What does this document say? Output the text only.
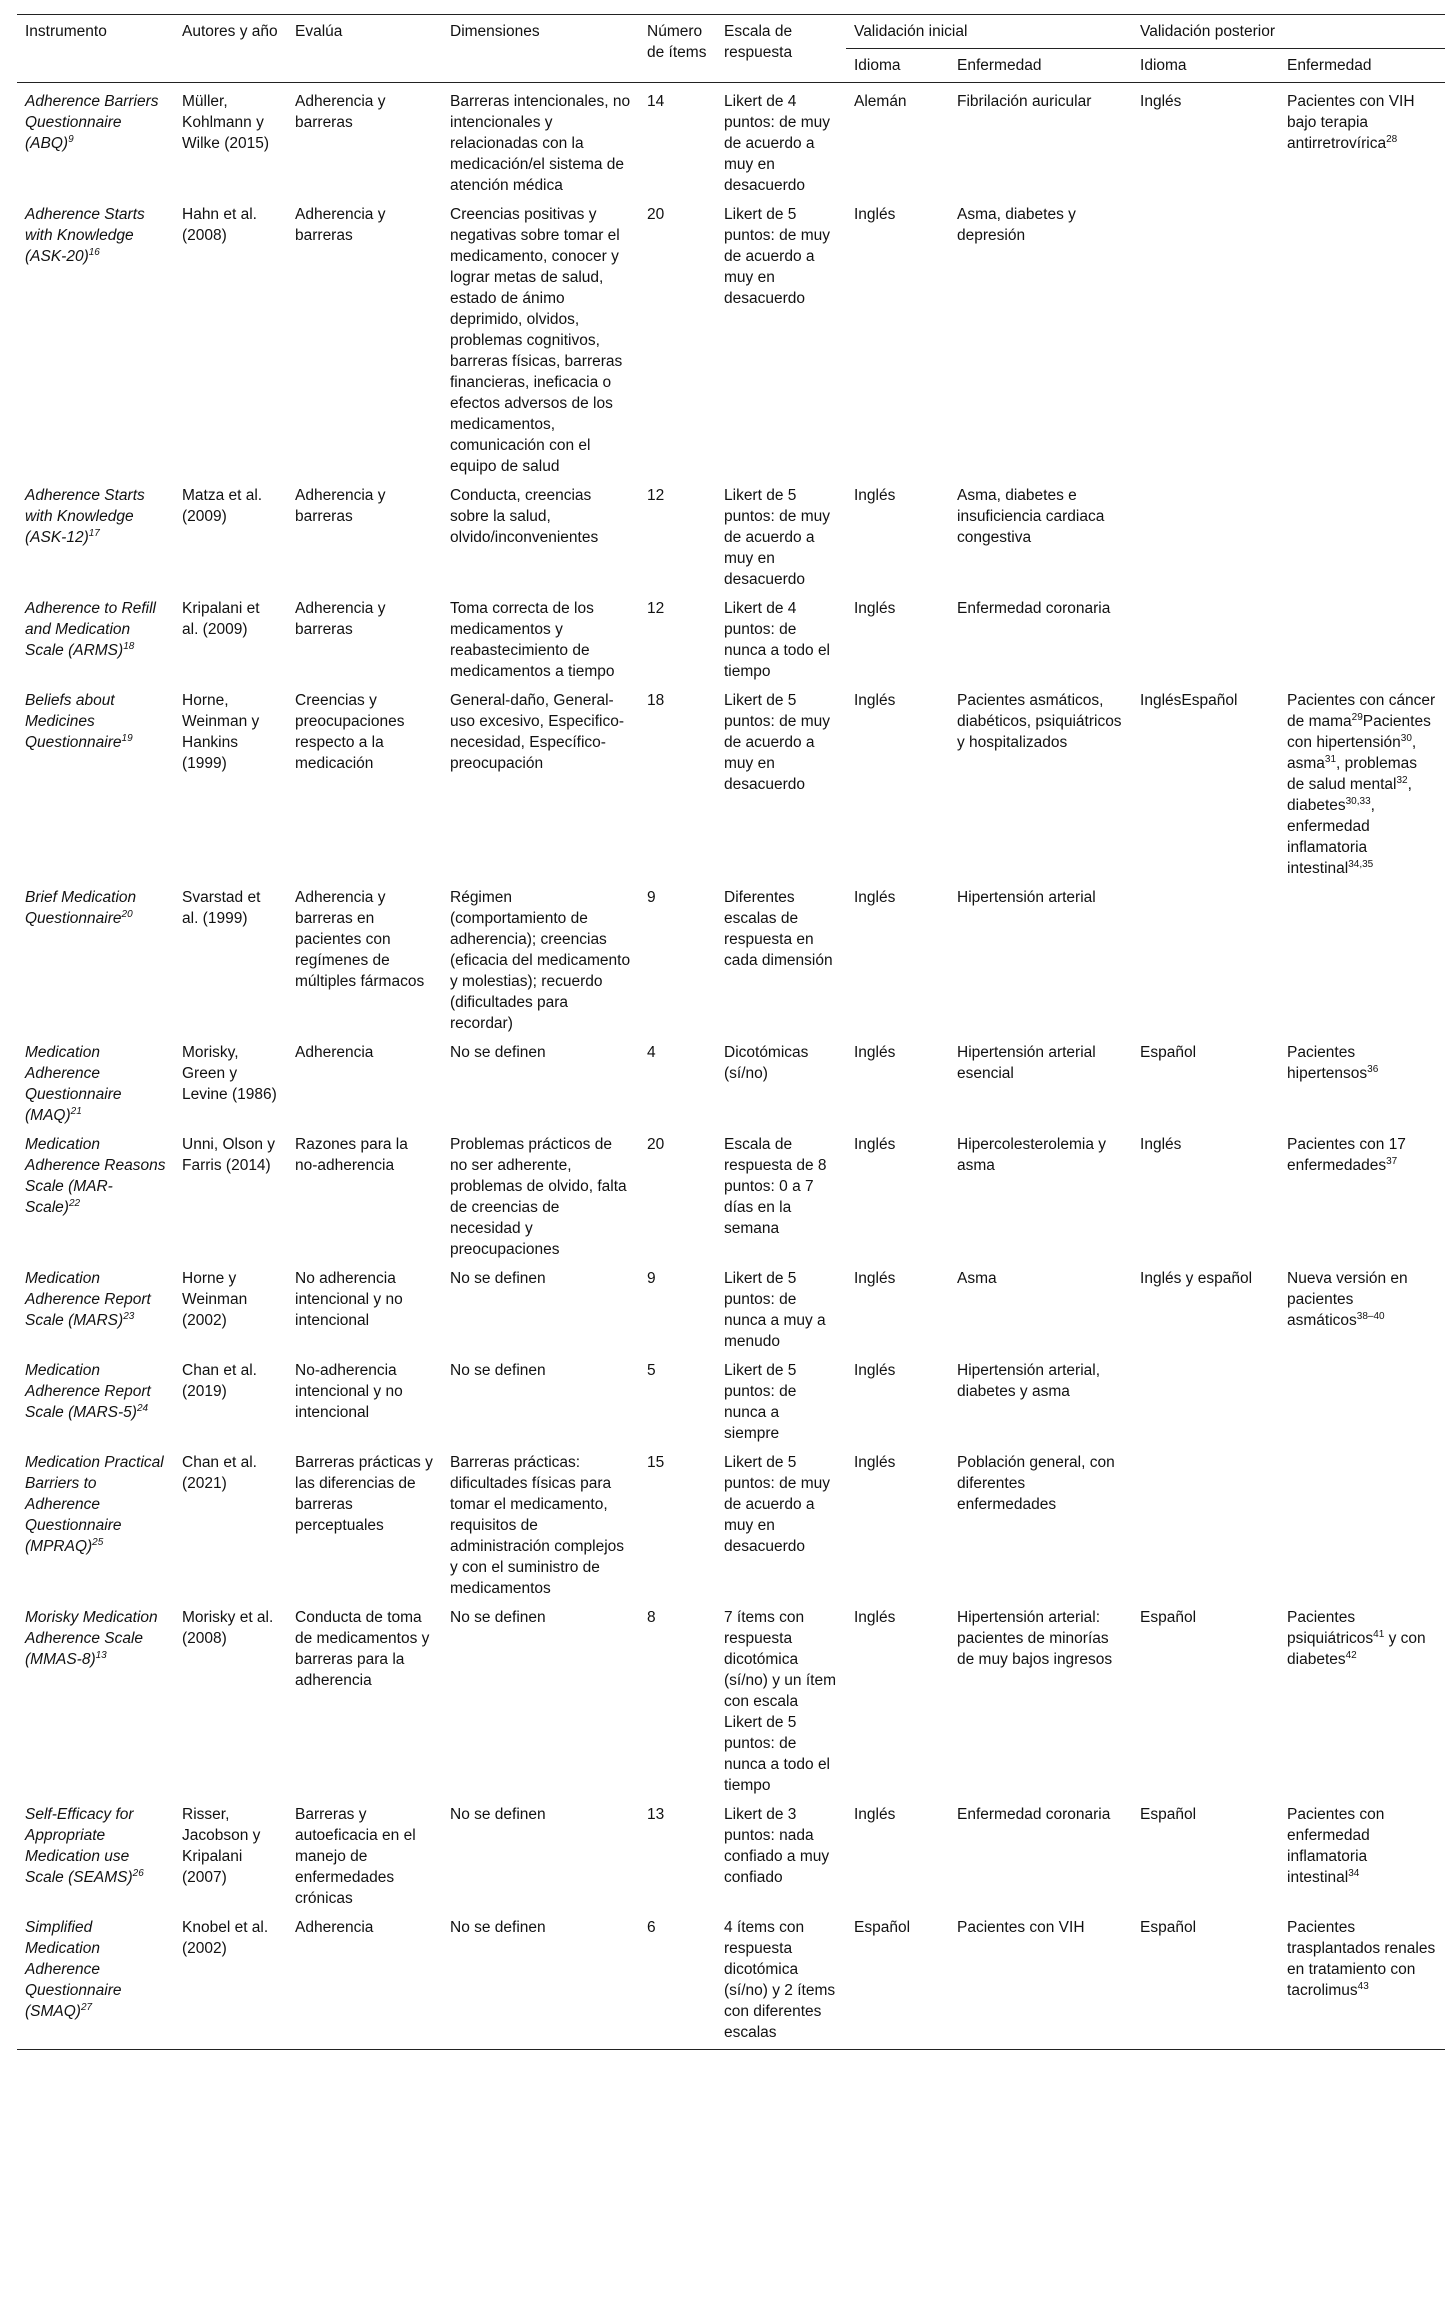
Instrumento	Autores y año	Evalúa	Dimensiones	Número de ítems	Escala de respuesta	Validación inicial		Validación posterior	
						Idioma	Enfermedad	Idioma	Enfermedad
Adherence Barriers Questionnaire (ABQ)$^9$	Müller, Kohlmann y Wilke (2015)	Adherencia y barreras	Barreras intencionales, no intencionales y relacionadas con la medicación/el sistema de atención médica	14	Likert de 4 puntos: de muy de acuerdo a muy en desacuerdo	Alemán	Fibrilación auricular	Inglés	Pacientes con VIH bajo terapia antirretrovírica$^{28}$
Adherence Starts with Knowledge $(ASK-20)^{16}$	Hahn et al. (2008)	Adherencia y barreras	Creencias positivas y negativas sobre tomar el medicamento, conocer y lograr metas de salud, estado de ánimo deprimido, olvidos, problemas cognitivos, barreras físicas, barreras financieras, ineficacia o efectos adversos de los medicamentos, comunicación con el equipo de salud	20	Likert de 5 puntos: de muy de acuerdo a muy en desacuerdo	Inglés	Asma, diabetes y depresión		
Adherence Starts with Knowledge $(ASK-12)^{17}$	Matza et al. (2009)	Adherencia y barreras	Conducta, creencias sobre la salud, olvido/inconvenientes	12	Likert de 5 puntos: de muy de acuerdo a muy en desacuerdo	Inglés	Asma, diabetes e insuficiencia cardiaca congestiva		
Adherence to Refill and Medication Scale (ARMS)$^{18}$	Kripalani et al. (2009)	Adherencia y barreras	Toma correcta de los medicamentos y reabastecimiento de medicamentos a tiempo	12	Likert de 4 puntos: de nunca a todo el tiempo	Inglés	Enfermedad coronaria		
Beliefs about Medicines Questionnaire$^{19}$	Horne, Weinman y Hankins (1999)	Creencias y preocupaciones respecto a la medicación	General-daño, General-uso excesivo, Especifico-necesidad, Específico-preocupación	18	Likert de 5 puntos: de muy de acuerdo a muy en desacuerdo	Inglés	Pacientes asmáticos, diabéticos, psiquiátricos y hospitalizados	InglésEspañol	Pacientes con cáncer de mama$^{29}$Pacientes con hipertensión$^{30}$, asma$^{31}$, problemas de salud mental$^{32}$, diabetes$^{30,33}$, enfermedad inflamatoria intestinal$^{34,35}$
Brief Medication Questionnaire$^{20}$	Svarstad et al. (1999)	Adherencia y barreras en pacientes con regímenes de múltiples fármacos	Régimen (comportamiento de adherencia); creencias (eficacia del medicamento y molestias); recuerdo (dificultades para recordar)	9	Diferentes escalas de respuesta en cada dimensión	Inglés	Hipertensión arterial		
Medication Adherence Questionnaire (MAQ)$^{21}$	Morisky, Green y Levine (1986)	Adherencia	No se definen	4	Dicotómicas (sí/no)	Inglés	Hipertensión arterial esencial	Español	Pacientes hipertensos$^{36}$
Medication Adherence Reasons Scale (MAR-Scale)$^{22}$	Unni, Olson y Farris (2014)	Razones para la no-adherencia	Problemas prácticos de no ser adherente, problemas de olvido, falta de creencias de necesidad y preocupaciones	20	Escala de respuesta de 8 puntos: 0 a 7 días en la semana	Inglés	Hipercolesterolemia y asma	Inglés	Pacientes con 17 enfermedades$^{37}$
Medication Adherence Report Scale (MARS)$^{23}$	Horne y Weinman (2002)	No adherencia intencional y no intencional	No se definen	9	Likert de 5 puntos: de nunca a muy a menudo	Inglés	Asma	Inglés y español	Nueva versión en pacientes asmáticos$^{38-40}$
Medication Adherence Report Scale (MARS-5)$^{24}$	Chan et al. (2019)	No-adherencia intencional y no intencional	No se definen	5	Likert de 5 puntos: de nunca a siempre	Inglés	Hipertensión arterial, diabetes y asma		
Medication Practical Barriers to Adherence Questionnaire (MPRAQ)$^{25}$	Chan et al. (2021)	Barreras prácticas y las diferencias de barreras perceptuales	Barreras prácticas: dificultades físicas para tomar el medicamento, requisitos de administración complejos y con el suministro de medicamentos	15	Likert de 5 puntos: de muy de acuerdo a muy en desacuerdo	Inglés	Población general, con diferentes enfermedades		
Morisky Medication Adherence Scale (MMAS-8)$^{13}$	Morisky et al. (2008)	Conducta de toma de medicamentos y barreras para la adherencia	No se definen	8	7 ítems con respuesta dicotómica (sí/no) y un ítem con escala Likert de 5 puntos: de nunca a todo el tiempo	Inglés	Hipertensión arterial: pacientes de minorías de muy bajos ingresos	Español	Pacientes psiquiátricos$^{41}$ y con diabetes$^{42}$
Self-Efficacy for Appropriate Medication use Scale (SEAMS)$^{26}$	Risser, Jacobson y Kripalani (2007)	Barreras y autoeficacia en el manejo de enfermedades crónicas	No se definen	13	Likert de 3 puntos: nada confiado a muy confiado	Inglés	Enfermedad coronaria	Español	Pacientes con enfermedad inflamatoria intestinal$^{34}$
Simplified Medication Adherence Questionnaire (SMAQ)$^{27}$	Knobel et al. (2002)	Adherencia	No se definen	6	4 ítems con respuesta dicotómica (sí/no) y 2 ítems con diferentes escalas	Español	Pacientes con VIH	Español	Pacientes trasplantados renales en tratamiento con tacrolimus$^{43}$
